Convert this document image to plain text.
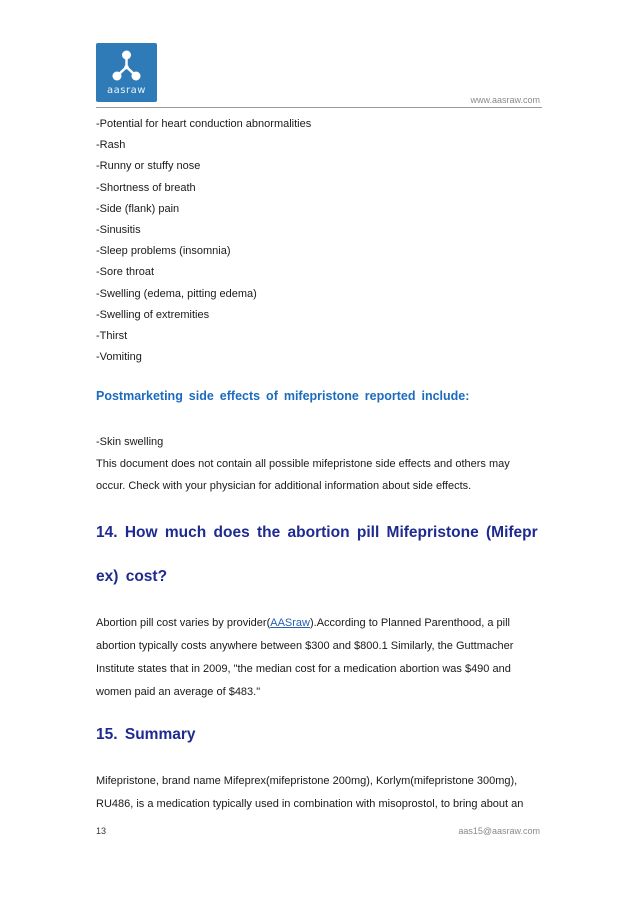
aasraw
www.aasraw.com
-Potential for heart conduction abnormalities
-Rash
-Runny or stuffy nose
-Shortness of breath
-Side (flank) pain
-Sinusitis
-Sleep problems (insomnia)
-Sore throat
-Swelling (edema, pitting edema)
-Swelling of extremities
-Thirst
-Vomiting
Postmarketing side effects of mifepristone reported include:
-Skin swelling
This document does not contain all possible mifepristone side effects and others may
occur. Check with your physician for additional information about side effects.
14. How much does the abortion pill Mifepristone (Mifepr
ex) cost?
Abortion pill cost varies by provider(AASraw).According to Planned Parenthood, a pill
abortion typically costs anywhere between $300 and $800.1 Similarly, the Guttmacher
Institute states that in 2009, "the median cost for a medication abortion was $490 and
women paid an average of $483."
15. Summary
Mifepristone, brand name Mifeprex(mifepristone 200mg), Korlym(mifepristone 300mg),
RU486, is a medication typically used in combination with misoprostol, to bring about an
13	aas15@aasraw.com
